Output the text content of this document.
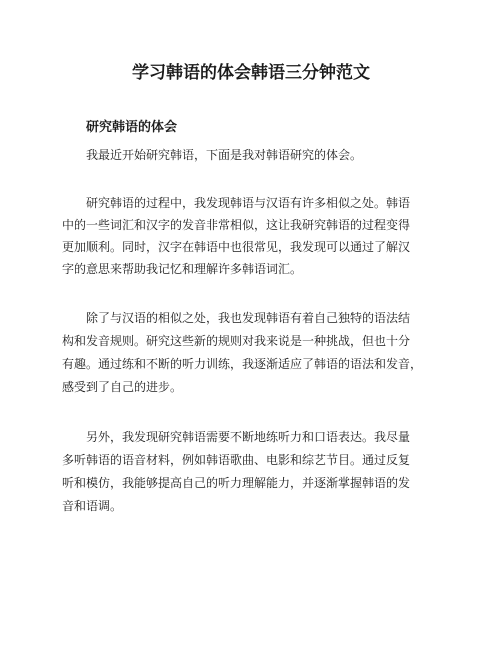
学习韩语的体会韩语三分钟范文
研究韩语的体会

我最近开始研究韩语，下面是我对韩语研究的体会。

研究韩语的过程中，我发现韩语与汉语有许多相似之处。韩语

中的一些词汇和汉字的发音非常相似，这让我研究韩语的过程变得

更加顺利。同时，汉字在韩语中也很常见，我发现可以通过了解汉

字的意思来帮助我记忆和理解许多韩语词汇。

除了与汉语的相似之处，我也发现韩语有着自己独特的语法结

构和发音规则。研究这些新的规则对我来说是一种挑战，但也十分

有趣。通过练和不断的听力训练，我逐渐适应了韩语的语法和发音，

感受到了自己的进步。

另外，我发现研究韩语需要不断地练听力和口语表达。我尽量

多听韩语的语音材料，例如韩语歌曲、电影和综艺节目。通过反复

听和模仿，我能够提高自己的听力理解能力，并逐渐掌握韩语的发

音和语调。
